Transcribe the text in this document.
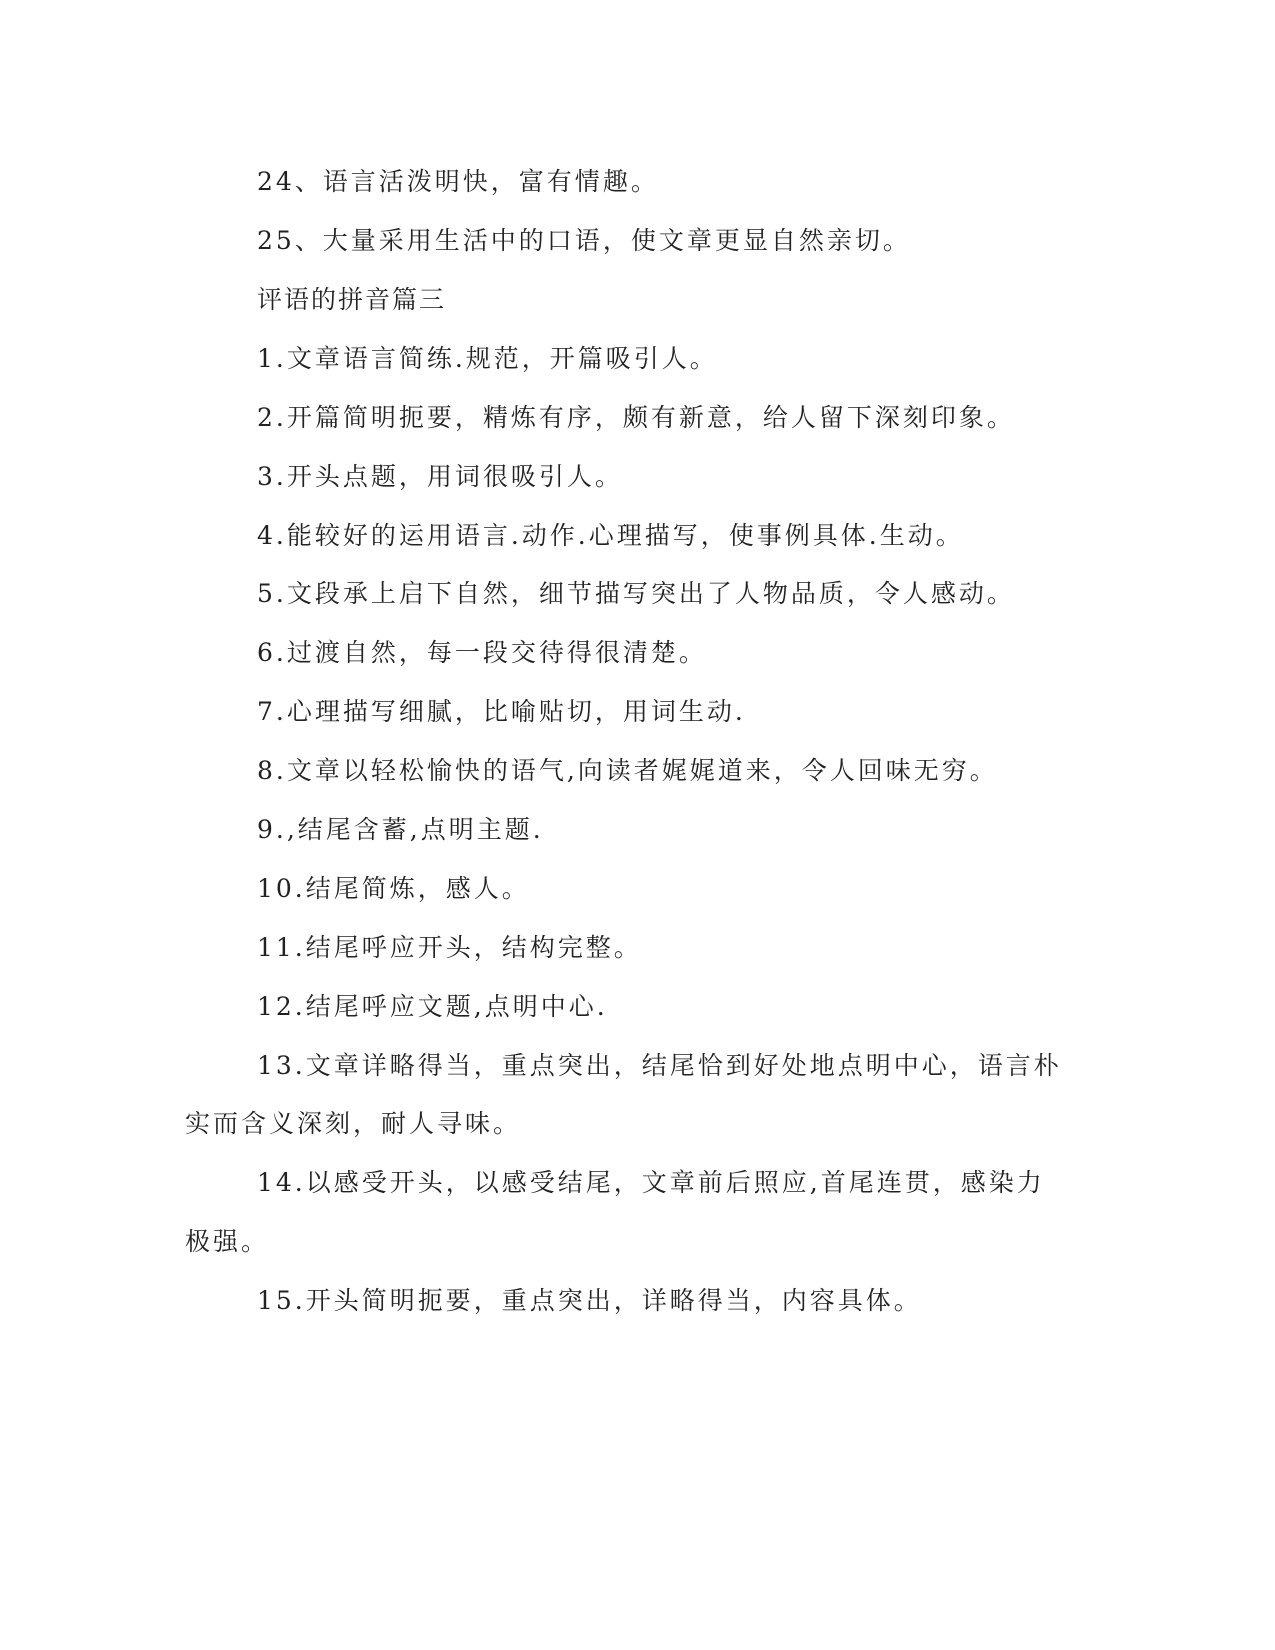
24、语言活泼明快，富有情趣。
25、大量采用生活中的口语，使文章更显自然亲切。
评语的拼音篇三
1.文章语言简练.规范，开篇吸引人。
2.开篇简明扼要，精炼有序，颇有新意，给人留下深刻印象。
3.开头点题，用词很吸引人。
4.能较好的运用语言.动作.心理描写，使事例具体.生动。
5.文段承上启下自然，细节描写突出了人物品质，令人感动。
6.过渡自然，每一段交待得很清楚。
7.心理描写细腻，比喻贴切，用词生动.
8.文章以轻松愉快的语气,向读者娓娓道来，令人回味无穷。
9.,结尾含蓄,点明主题.
10.结尾简炼，感人。
11.结尾呼应开头，结构完整。
12.结尾呼应文题,点明中心.
13.文章详略得当，重点突出，结尾恰到好处地点明中心，语言朴
实而含义深刻，耐人寻味。
14.以感受开头，以感受结尾，文章前后照应,首尾连贯，感染力
极强。
15.开头简明扼要，重点突出，详略得当，内容具体。
